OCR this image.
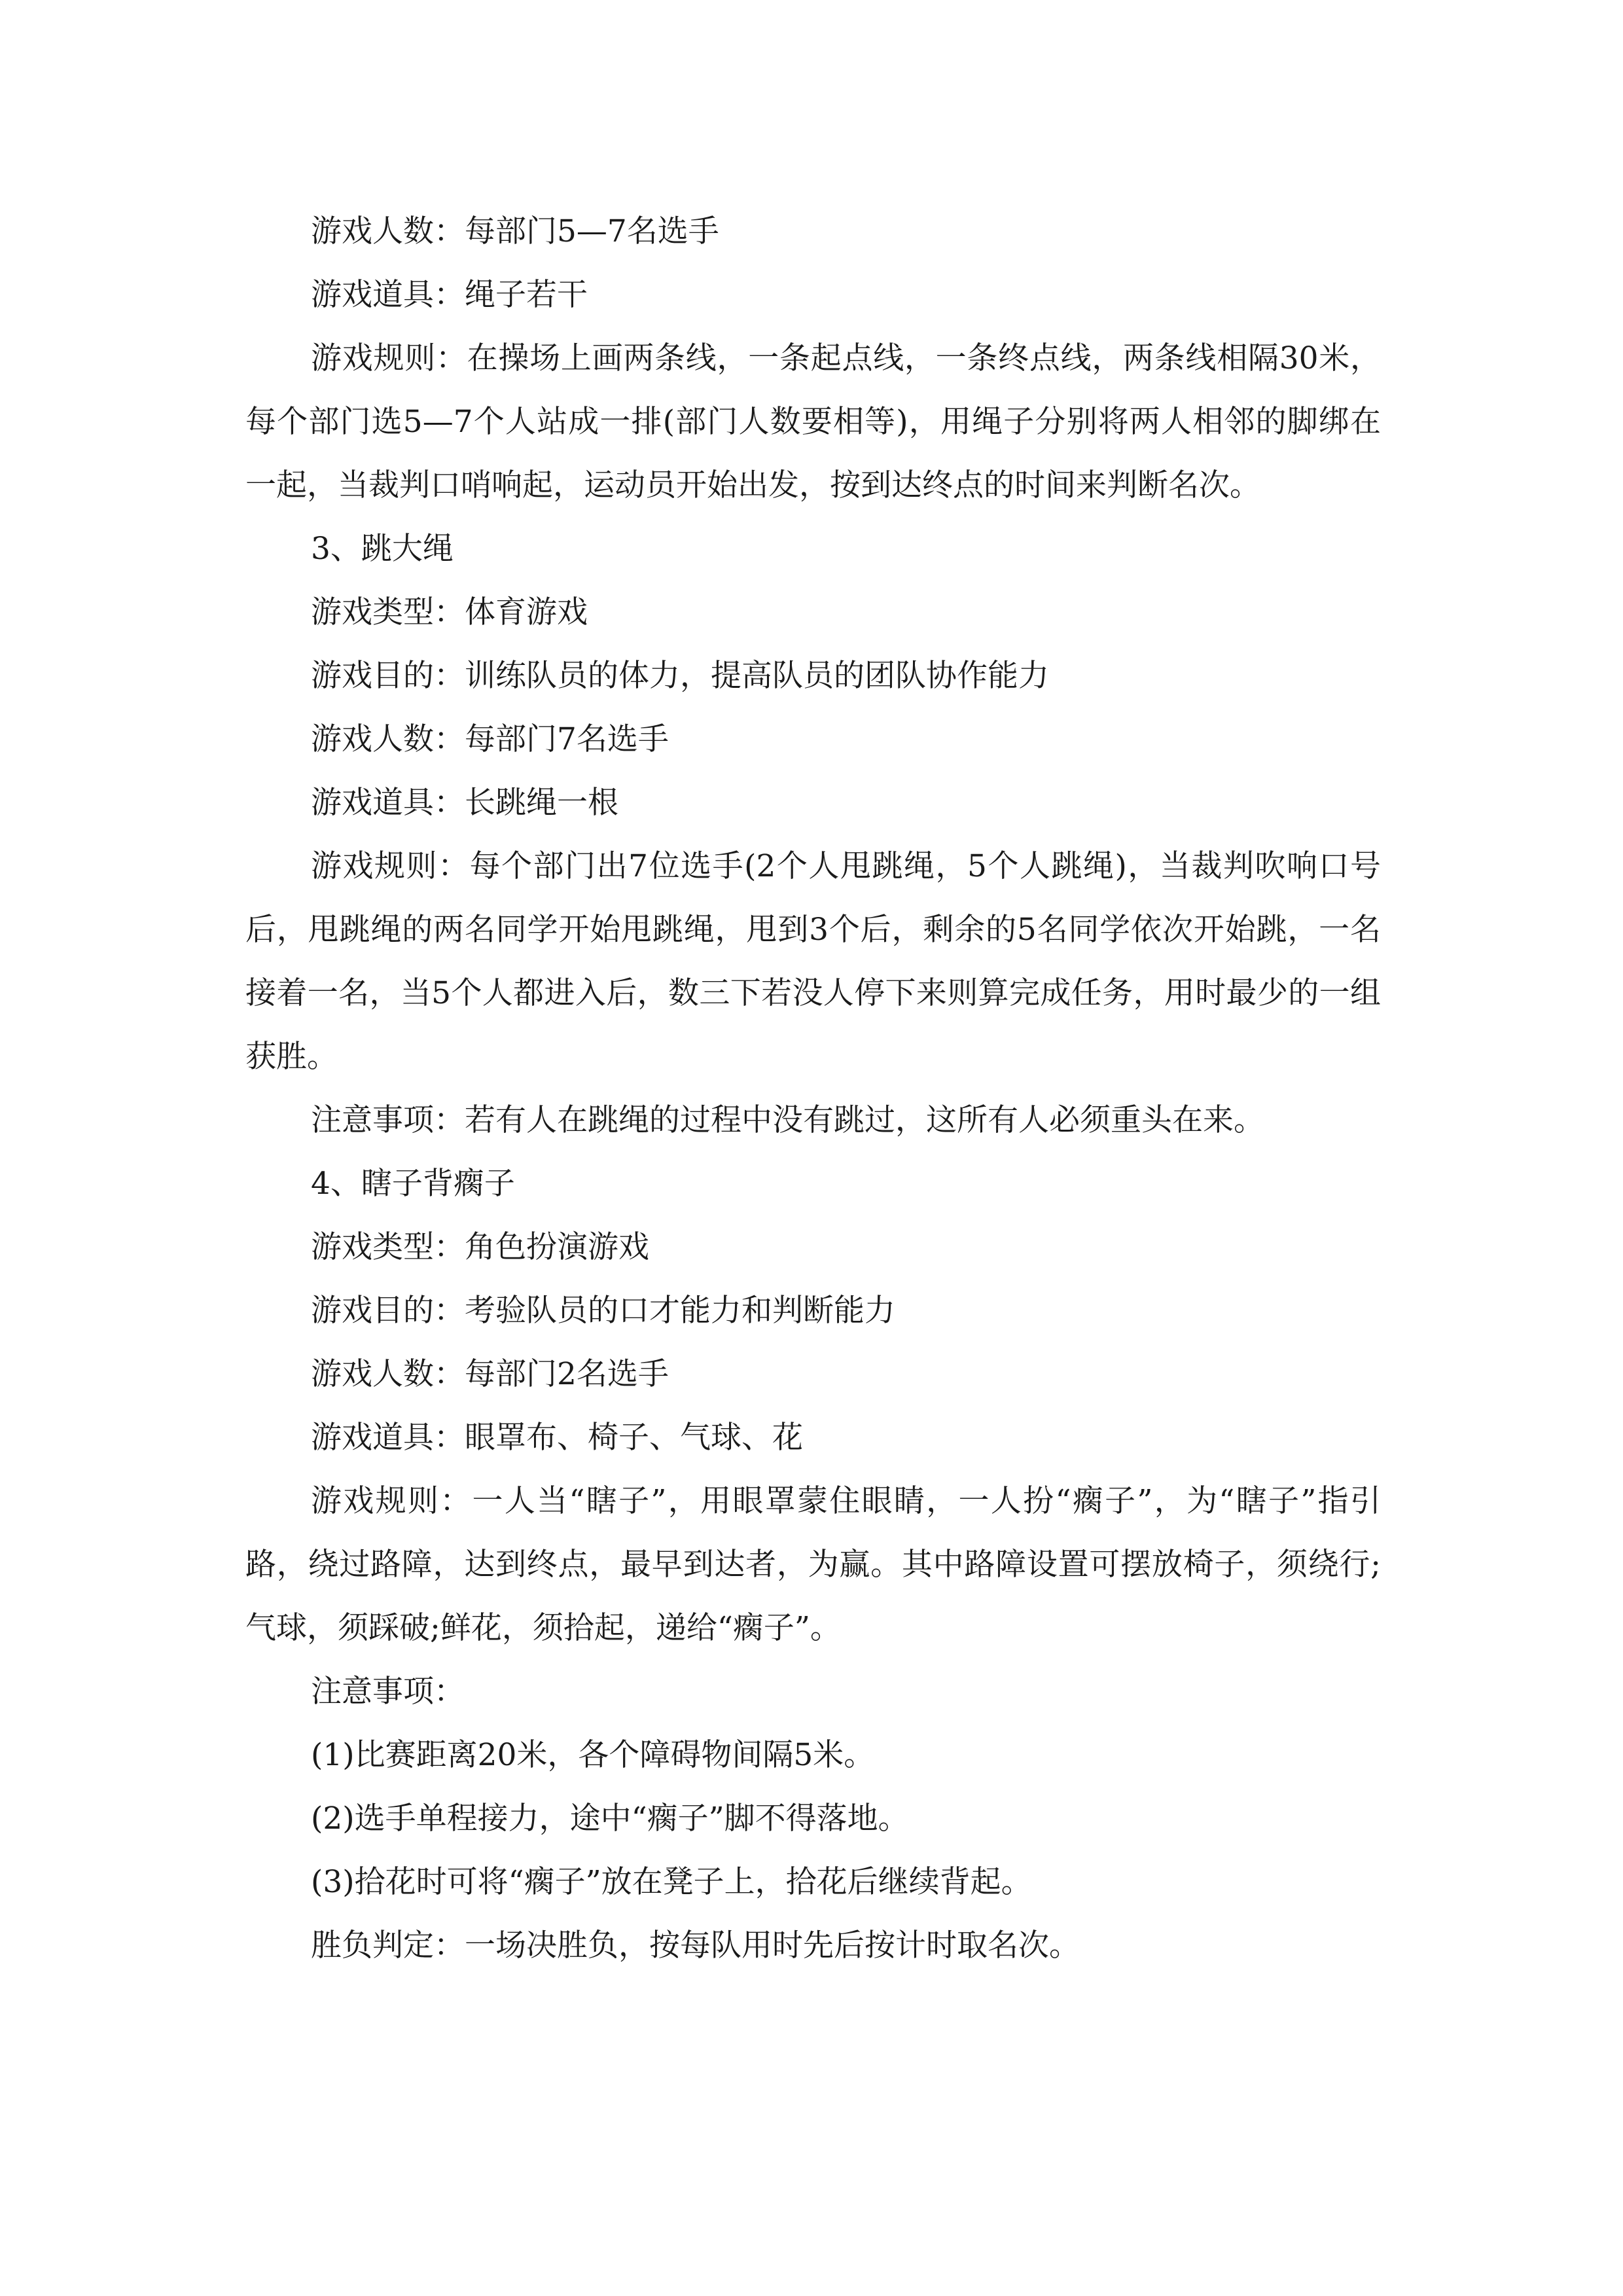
游戏人数：每部门5—7名选手

游戏道具：绳子若干

游戏规则：在操场上画两条线，一条起点线，一条终点线，两条线相隔30米，每个部门选5—7个人站成一排(部门人数要相等)，用绳子分别将两人相邻的脚绑在一起，当裁判口哨响起，运动员开始出发，按到达终点的时间来判断名次。

3、跳大绳

游戏类型：体育游戏

游戏目的：训练队员的体力，提高队员的团队协作能力

游戏人数：每部门7名选手

游戏道具：长跳绳一根

游戏规则：每个部门出7位选手(2个人甩跳绳，5个人跳绳)，当裁判吹响口号后，甩跳绳的两名同学开始甩跳绳，甩到3个后，剩余的5名同学依次开始跳，一名接着一名，当5个人都进入后，数三下若没人停下来则算完成任务，用时最少的一组获胜。

注意事项：若有人在跳绳的过程中没有跳过，这所有人必须重头在来。

4、瞎子背瘸子

游戏类型：角色扮演游戏

游戏目的：考验队员的口才能力和判断能力

游戏人数：每部门2名选手

游戏道具：眼罩布、椅子、气球、花

游戏规则：一人当“瞎子”，用眼罩蒙住眼睛，一人扮“瘸子”，为“瞎子”指引路，绕过路障，达到终点，最早到达者，为赢。其中路障设置可摆放椅子，须绕行;气球，须踩破;鲜花，须拾起，递给“瘸子”。

注意事项：

(1)比赛距离20米，各个障碍物间隔5米。

(2)选手单程接力，途中“瘸子”脚不得落地。

(3)拾花时可将“瘸子”放在凳子上，拾花后继续背起。

胜负判定：一场决胜负，按每队用时先后按计时取名次。
